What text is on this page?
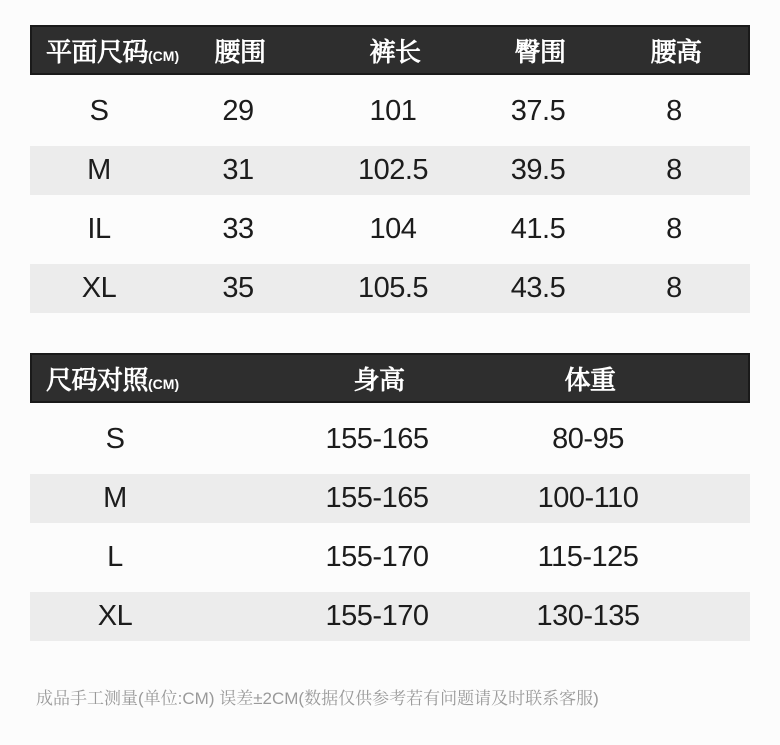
平面尺码(CM)	腰围	裤长	臀围	腰高
S	29	101	37.5	8
M	31	102.5	39.5	8
IL	33	104	41.5	8
XL	35	105.5	43.5	8
尺码对照(CM)	身高	体重
S	155-165	80-95
M	155-165	100-110
L	155-170	115-125
XL	155-170	130-135
成品手工测量(单位:CM) 误差±2CM(数据仅供参考若有问题请及时联系客服)
